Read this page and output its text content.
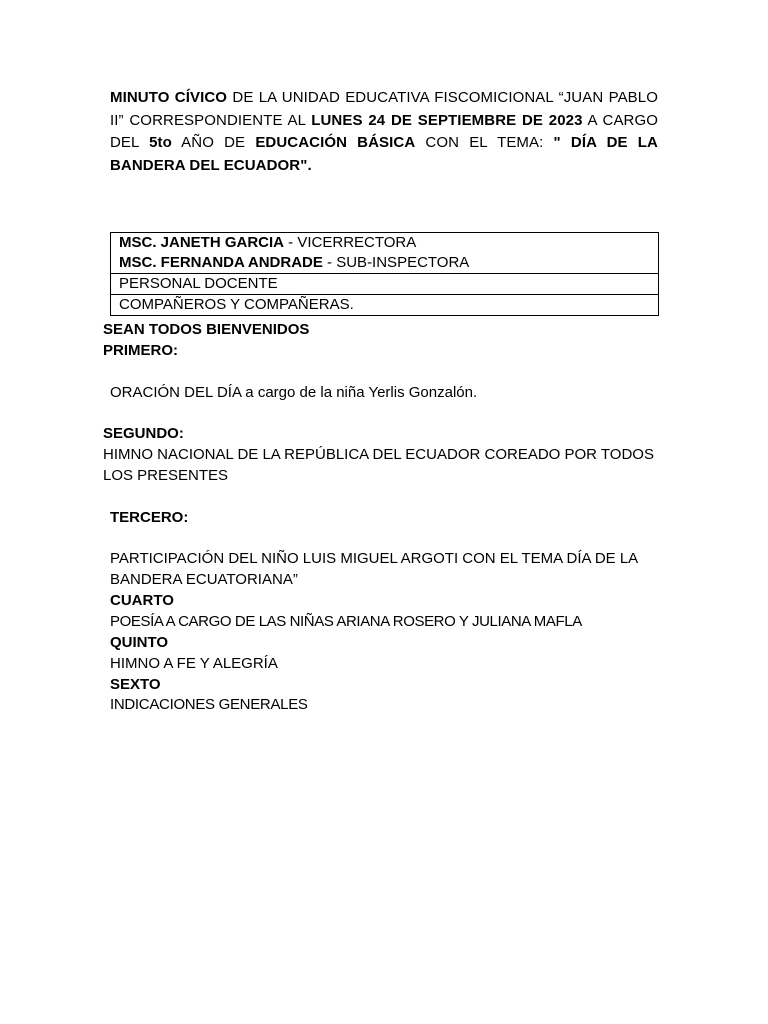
MINUTO CÍVICO DE LA UNIDAD EDUCATIVA FISCOMICIONAL “JUAN PABLO II” CORRESPONDIENTE AL LUNES 24 DE SEPTIEMBRE DE 2023 A CARGO DEL 5to AÑO DE EDUCACIÓN BÁSICA CON EL TEMA: " DÍA DE LA BANDERA DEL ECUADOR".
MSC. JANETH GARCIA - VICERRECTORA
MSC. FERNANDA ANDRADE - SUB-INSPECTORA

PERSONAL DOCENTE
COMPAÑEROS Y COMPAÑERAS.
SEAN TODOS BIENVENIDOS
PRIMERO:
ORACIÓN DEL DÍA a cargo de la niña Yerlis Gonzalón.
SEGUNDO:
HIMNO NACIONAL DE LA REPÚBLICA DEL ECUADOR COREADO POR TODOS LOS PRESENTES
TERCERO:
PARTICIPACIÓN DEL NIÑO LUIS MIGUEL ARGOTI CON EL TEMA DÍA DE LA BANDERA ECUATORIANA”
CUARTO
POESÍA A CARGO DE LAS NIÑAS ARIANA ROSERO Y JULIANA MAFLA
QUINTO
HIMNO A FE Y ALEGRÍA
SEXTO
INDICACIONES GENERALES
